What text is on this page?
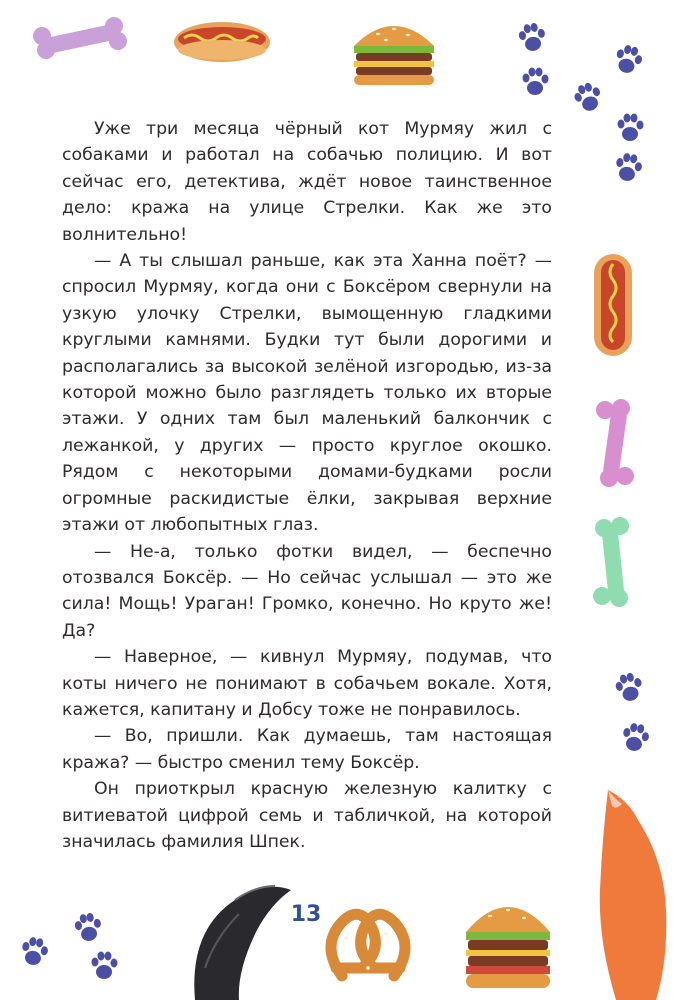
Уже три месяца чёрный кот Мурмяу жил с собаками и работал на собачью полицию. И вот сейчас его, детектива, ждёт новое таинственное дело: кража на улице Стрелки. Как же это волнительно!

— А ты слышал раньше, как эта Ханна поёт? — спросил Мурмяу, когда они с Боксёром свернули на узкую улочку Стрелки, вымощенную гладкими круглыми камнями. Будки тут были дорогими и располагались за высокой зелёной изгородью, из-за которой можно было разглядеть только их вторые этажи. У одних там был маленький балкончик с лежанкой, у других — просто круглое окошко. Рядом с некоторыми домами-будками росли огромные раскидистые ёлки, закрывая верхние этажи от любопытных глаз.

— Не-а, только фотки видел, — беспечно отозвался Боксёр. — Но сейчас услышал — это же сила! Мощь! Ураган! Громко, конечно. Но круто же! Да?

— Наверное, — кивнул Мурмяу, подумав, что коты ничего не понимают в собачьем вокале. Хотя, кажется, капитану и Добсу тоже не понравилось.

— Во, пришли. Как думаешь, там настоящая кража? — быстро сменил тему Боксёр.

Он приоткрыл красную железную калитку с витиеватой цифрой семь и табличкой, на которой значилась фамилия Шпек.

13
